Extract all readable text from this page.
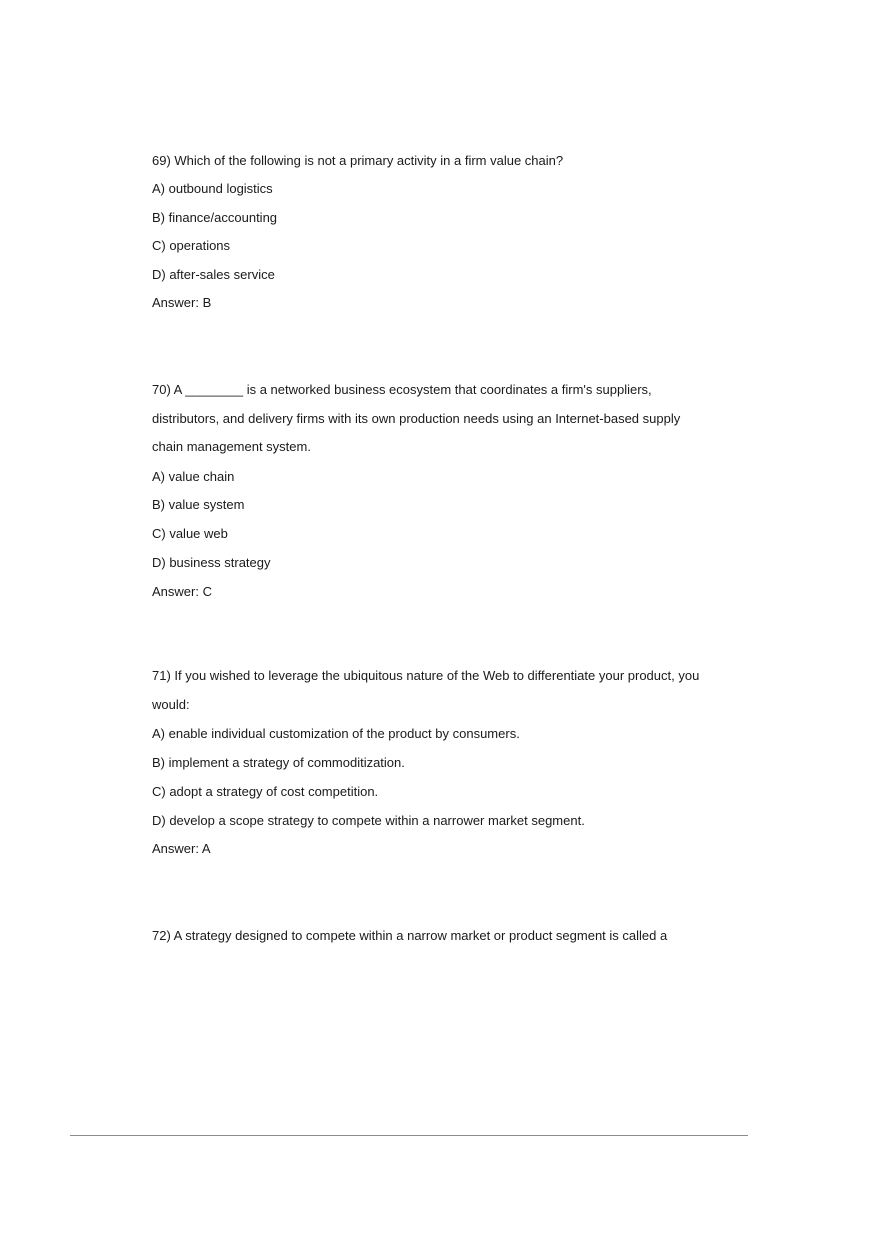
69) Which of the following is not a primary activity in a firm value chain?
A) outbound logistics
B) finance/accounting
C) operations
D) after-sales service
Answer: B
70) A ________ is a networked business ecosystem that coordinates a firm's suppliers,
distributors, and delivery firms with its own production needs using an Internet-based supply
chain management system.
A) value chain
B) value system
C) value web
D) business strategy
Answer: C
71) If you wished to leverage the ubiquitous nature of the Web to differentiate your product, you
would:
A) enable individual customization of the product by consumers.
B) implement a strategy of commoditization.
C) adopt a strategy of cost competition.
D) develop a scope strategy to compete within a narrower market segment.
Answer: A
72) A strategy designed to compete within a narrow market or product segment is called a
